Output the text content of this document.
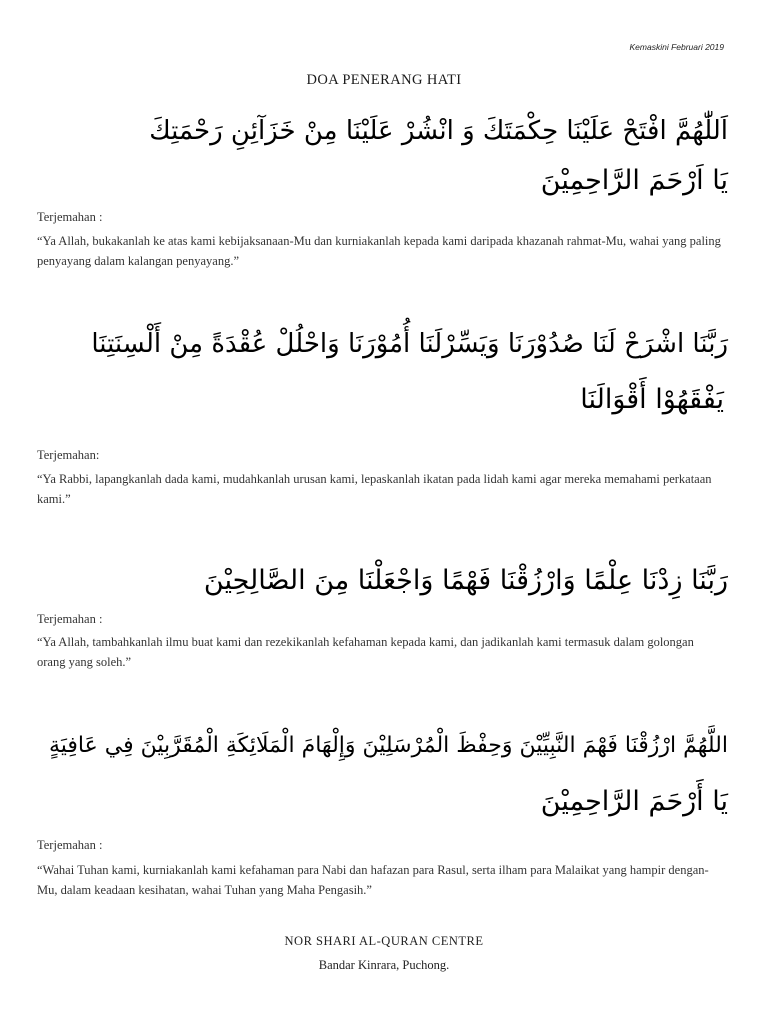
Kemaskini Februari 2019
DOA PENERANG HATI
اَللّٰهُمَّ افْتَحْ عَلَيْنَا حِكْمَتَكَ وَ انْشُرْ عَلَيْنَا مِنْ خَزَآئِنِ رَحْمَتِكَ
يَا اَرْحَمَ الرَّاحِمِيْنَ
Terjemahan :
“Ya Allah, bukakanlah ke atas kami kebijaksanaan-Mu dan kurniakanlah kepada kami daripada khazanah rahmat-Mu, wahai yang paling penyayang dalam kalangan penyayang.”
رَبَّنَا اشْرَحْ لَنَا صُدُوْرَنَا وَيَسِّرْلَنَا أُمُوْرَنَا وَاحْلُلْ عُقْدَةً مِنْ أَلْسِنَتِنَا
يَفْقَهُوْا أَقْوَالَنَا
Terjemahan:
“Ya Rabbi, lapangkanlah dada kami, mudahkanlah urusan kami, lepaskanlah ikatan pada lidah kami agar mereka memahami perkataan kami.”
رَبَّنَا زِدْنَا عِلْمًا وَارْزُقْنَا فَهْمًا وَاجْعَلْنَا مِنَ الصَّالِحِيْنَ
Terjemahan :
“Ya Allah, tambahkanlah ilmu buat kami dan rezekikanlah kefahaman kepada kami, dan jadikanlah kami termasuk dalam golongan orang yang soleh.”
اللَّهُمَّ ارْزُقْنَا فَهْمَ النَّبِيِّيْنَ وَحِفْظَ الْمُرْسَلِيْنَ وَإِلْهَامَ الْمَلَائِكَةِ الْمُقَرَّبِيْنَ فِي عَافِيَةٍ
يَا أَرْحَمَ الرَّاحِمِيْنَ
Terjemahan :
“Wahai Tuhan kami, kurniakanlah kami kefahaman para Nabi dan hafazan para Rasul, serta ilham para Malaikat yang hampir dengan-Mu, dalam keadaan kesihatan, wahai Tuhan yang Maha Pengasih.”
NOR SHARI AL-QURAN CENTRE
Bandar Kinrara, Puchong.
